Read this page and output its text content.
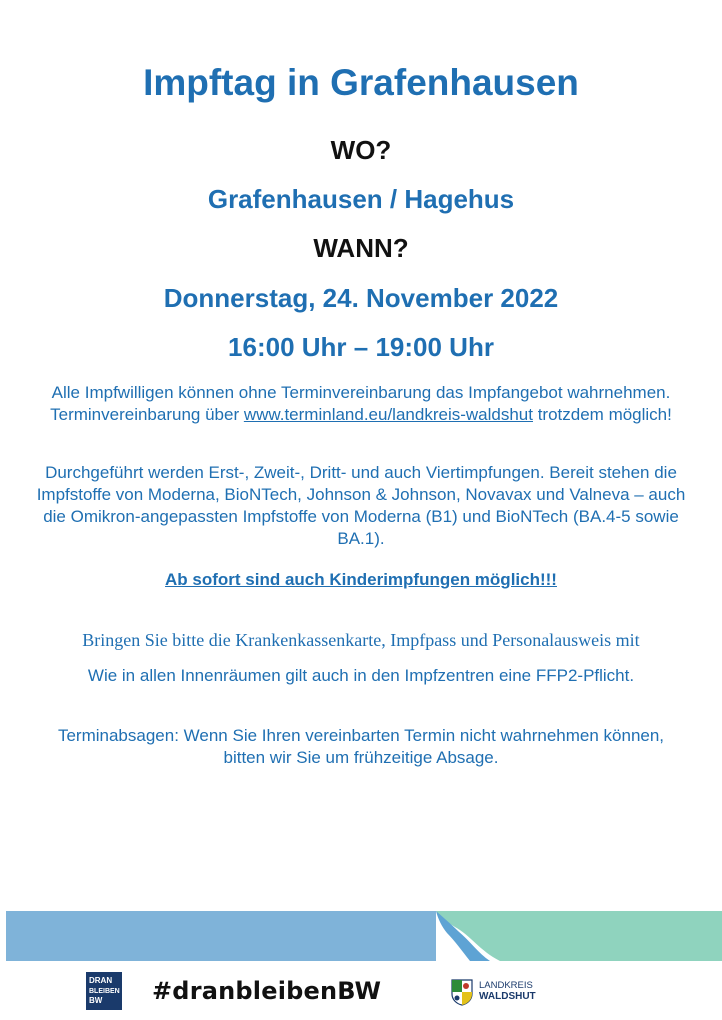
Impftag in Grafenhausen
WO?
Grafenhausen / Hagehus
WANN?
Donnerstag, 24. November 2022
16:00 Uhr – 19:00 Uhr
Alle Impfwilligen können ohne Terminvereinbarung das Impfangebot wahrnehmen. Terminvereinbarung über www.terminland.eu/landkreis-waldshut trotzdem möglich!
Durchgeführt werden Erst-, Zweit-, Dritt- und auch Viertimpfungen. Bereit stehen die Impfstoffe von Moderna, BioNTech, Johnson & Johnson, Novavax und Valneva – auch die Omikron-angepassten Impfstoffe von Moderna (B1) und BioNTech (BA.4-5 sowie BA.1).
Ab sofort sind auch Kinderimpfungen möglich!!!
Bringen Sie bitte die Krankenkassenkarte, Impfpass und Personalausweis mit
Wie in allen Innenräumen gilt auch in den Impfzentren eine FFP2-Pflicht.
Terminabsagen: Wenn Sie Ihren vereinbarten Termin nicht wahrnehmen können, bitten wir Sie um frühzeitige Absage.
DRAN
BLEIBEN
BW #dranbleibenBW	LANDKREIS
WALDSHUT
